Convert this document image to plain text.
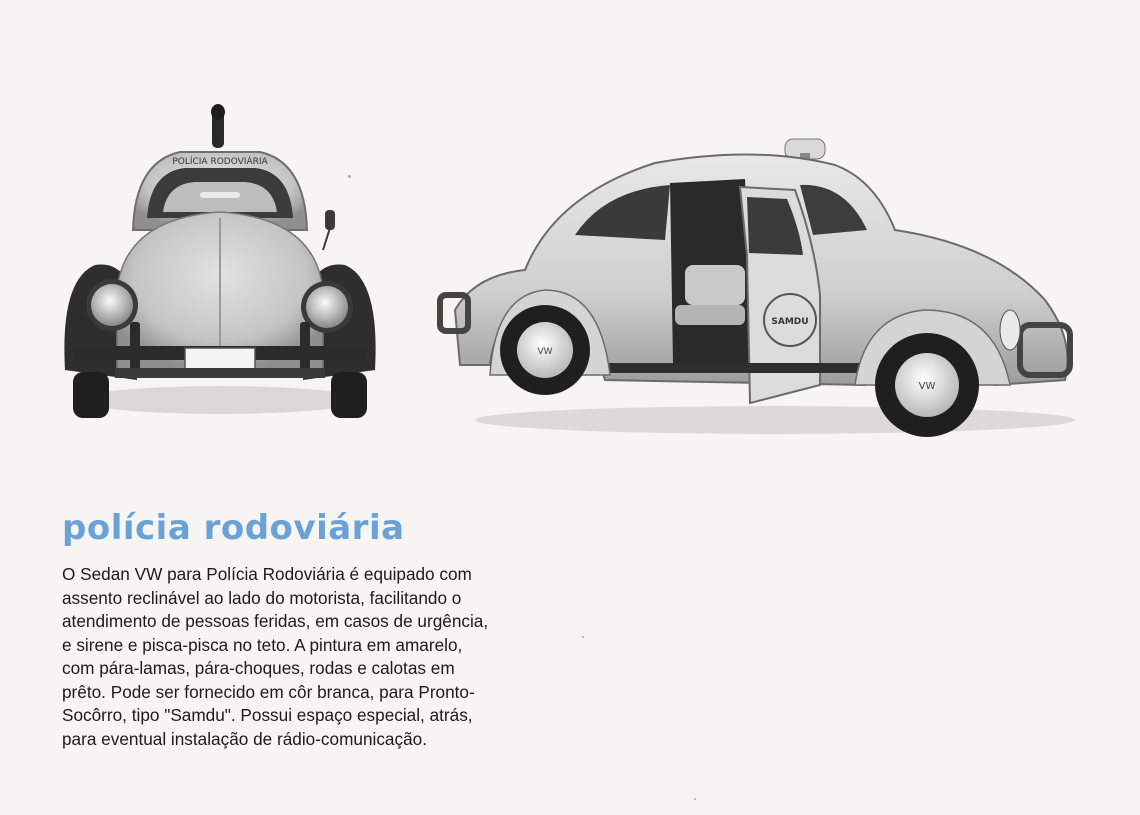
POLÍCIA RODOVIÁRIA
SAMDU
VW
VW
polícia rodoviária
O Sedan VW para Polícia Rodoviária é equipado com
assento reclinável ao lado do motorista, facilitando o
atendimento de pessoas feridas, em casos de urgência,
e sirene e pisca-pisca no teto. A pintura em amarelo,
com pára-lamas, pára-choques, rodas e calotas em
prêto. Pode ser fornecido em côr branca, para Pronto-
Socôrro, tipo "Samdu". Possui espaço especial, atrás,
para eventual instalação de rádio-comunicação.
